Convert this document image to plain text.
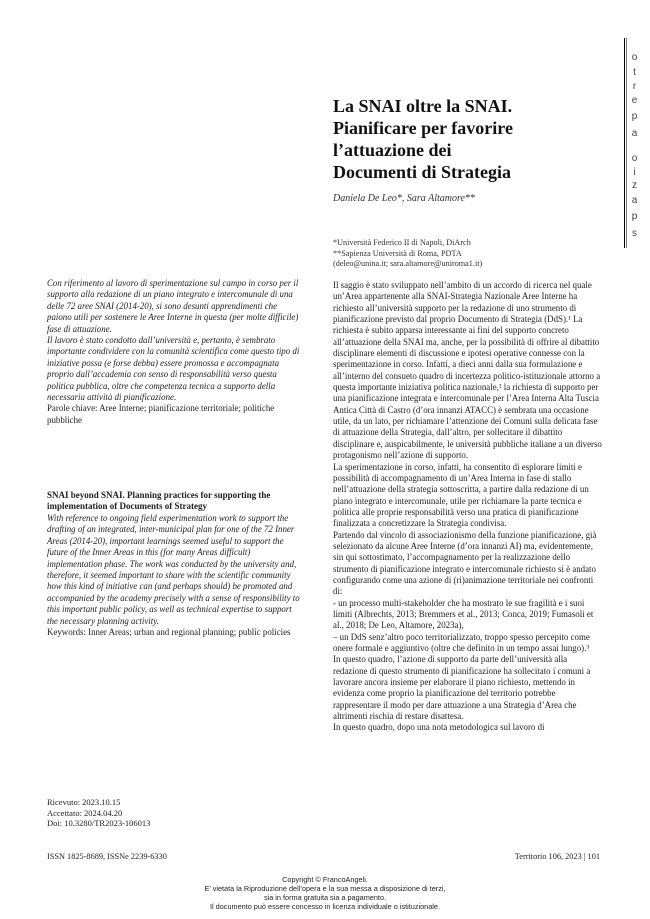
s
p
a
z
i
o
a
p
e
r
t
o
La SNAI oltre la SNAI.
Pianificare per favorire
l’attuazione dei
Documenti di Strategia
Daniela De Leo*, Sara Altamore**
*Università Federico II di Napoli, DiArch
**Sapienza Università di Roma, PDTA
(deleo@unina.it; sara.altamore@uniroma1.it)

Con riferimento al lavoro di sperimentazione sul campo in corso per il supporto alla redazione di un piano integrato e intercomunale di una delle 72 aree SNAI (2014-20), si sono desunti apprendimenti che paiono utili per sostenere le Aree Interne in questa (per molte difficile) fase di attuazione.

Il lavoro è stato condotto dall’università e, pertanto, è sembrato importante condividere con la comunità scientifica come questo tipo di iniziative possa (e forse debba) essere promossa e accompagnata proprio dall’accademia con senso di responsabilità verso questa politica pubblica, oltre che competenza tecnica a supporto della necessaria attività di pianificazione.

Parole chiave: Aree Interne; pianificazione territoriale; politiche pubbliche

SNAI beyond SNAI. Planning practices for supporting the implementation of Documents of Strategy

With reference to ongoing field experimentation work to support the drafting of an integrated, inter-municipal plan for one of the 72 Inner Areas (2014-20), important learnings seemed useful to support the future of the Inner Areas in this (for many Areas difficult) implementation phase. The work was conducted by the university and, therefore, it seemed important to share with the scientific community how this kind of initiative can (and perhaps should) be promoted and accompanied by the academy precisely with a sense of responsibility to this important public policy, as well as technical expertise to support the necessary planning activity.

Keywords: Inner Areas; urban and regional planning; public policies

Ricevuto: 2023.10.15
Accettato: 2024.04.20
Doi: 10.3280/TR2023-106013

Il saggio è stato sviluppato nell’ambito di un accordo di ricerca nel quale un’Area appartenente alla SNAI-Strategia Nazionale Aree Interne ha richiesto all’università supporto per la redazione di uno strumento di pianificazione previsto dal proprio Documento di Strategia (DdS).¹ La richiesta è subito apparsa interessante ai fini del supporto concreto all’attuazione della SNAI ma, anche, per la possibilità di offrire al dibattito disciplinare elementi di discussione e ipotesi operative connesse con la sperimentazione in corso. Infatti, a dieci anni dalla sua formulazione e all’interno del consueto quadro di incertezza politico-istituzionale attorno a questa importante iniziativa politica nazionale,² la richiesta di supporto per una pianificazione integrata e intercomunale per l’Area Interna Alta Tuscia Antica Città di Castro (d’ora innanzi ATACC) è sembrata una occasione utile, da un lato, per richiamare l’attenzione dei Comuni sulla delicata fase di attuazione della Strategia, dall’altro, per sollecitare il dibattito disciplinare e, auspicabilmente, le università pubbliche italiane a un diverso protagonismo nell’azione di supporto.

La sperimentazione in corso, infatti, ha consentito di esplorare limiti e possibilità di accompagnamento di un’Area Interna in fase di stallo nell’attuazione della strategia sottoscritta, a partire dalla redazione di un piano integrato e intercomunale, utile per richiamare la parte tecnica e politica alle proprie responsabilità verso una pratica di pianificazione finalizzata a concretizzare la Strategia condivisa.

Partendo dal vincolo di associazionismo della funzione pianificazione, già selezionato da alcune Aree Interne (d’ora innanzi AI) ma, evidentemente, sin qui sottostimato, l’accompagnamento per la realizzazione dello strumento di pianificazione integrato e intercomunale richiesto si è andato configurando come una azione di (ri)animazione territoriale nei confronti di:

- un processo multi-stakeholder che ha mostrato le sue fragilità e i suoi limiti (Albrechts, 2013; Bremmers et al., 2013; Conca, 2019; Fumasoli et al., 2018; De Leo, Altamore, 2023a),

– un DdS senz’altro poco territorializzato, troppo spesso percepito come onere formale e aggiuntivo (oltre che definito in un tempo assai lungo).³

In questo quadro, l’azione di supporto da parte dell’università alla redazione di questo strumento di pianificazione ha sollecitato i comuni a lavorare ancora insieme per elaborare il piano richiesto, mettendo in evidenza come proprio la pianificazione del territorio potrebbe rappresentare il modo per dare attuazione a una Strategia d’Area che altrimenti rischia di restare disattesa.

In questo quadro, dopo una nota metodologica sul lavoro di

ISSN 1825-8689, ISSNe 2239-6330	Territorio 106, 2023 | 101
Copyright © FrancoAngeli.
E’ vietata la Riproduzione dell’opera e la sua messa a disposizione di terzi,
sia in forma gratuita sia a pagamento.
Il documento può essere concesso in licenza individuale o istituzionale.
